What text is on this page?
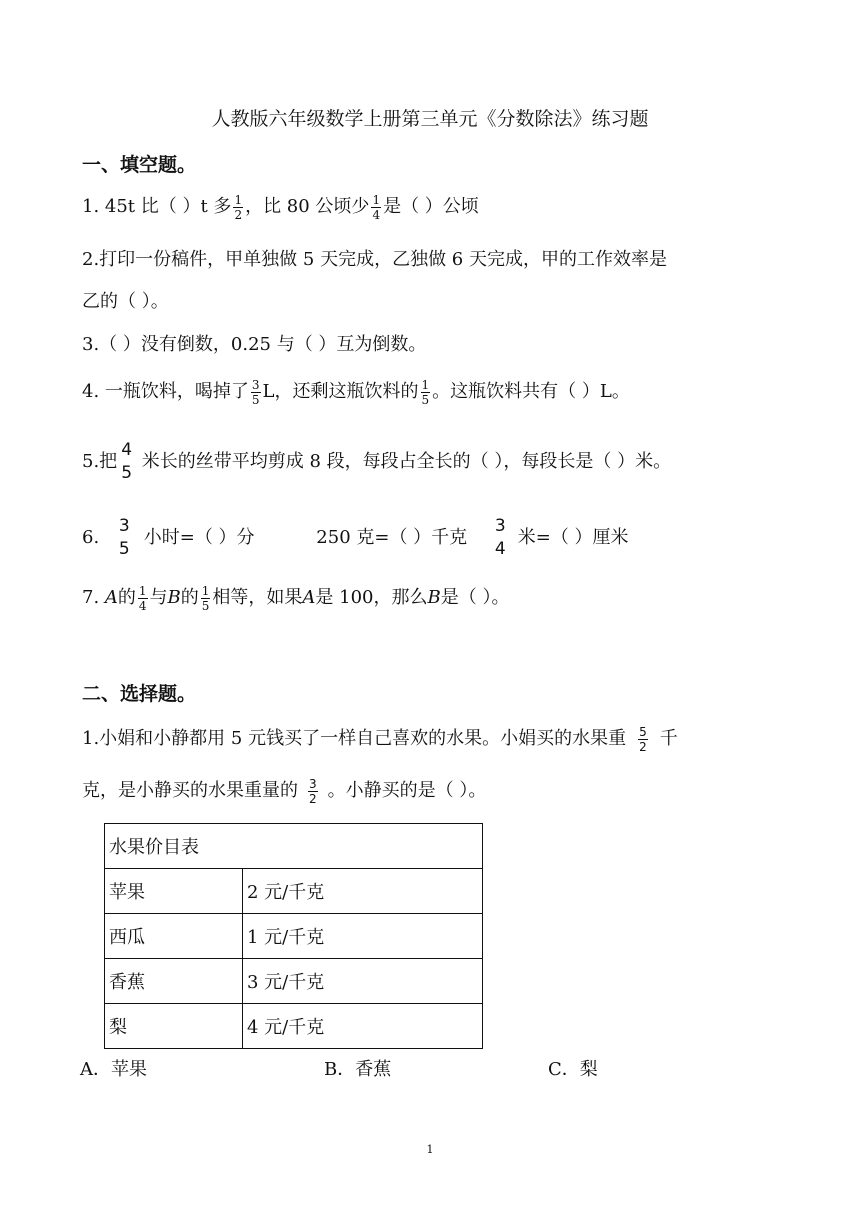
人教版六年级数学上册第三单元《分数除法》练习题
一、填空题。
1. 45t 比（ ）t 多 $\frac{1}{2}$ ，比 80 公顷少 $\frac{1}{4}$ 是（ ）公顷
2.打印一份稿件，甲单独做 5 天完成，乙独做 6 天完成，甲的工作效率是
乙的（ ）。
3.（ ）没有倒数，0.25 与（ ）互为倒数。
4. 一瓶饮料，喝掉了 $\frac{3}{5}$ L，还剩这瓶饮料的 $\frac{1}{5}$ 。这瓶饮料共有（ ）L。
5.把
4
5
米长的丝带平均剪成 8 段，每段占全长的（ ），每段长是（ ）米。
6.
3
5
小时=（ ）分	250 克=（ ）千克
3
4
米=（ ）厘米
7. A的 $\frac{1}{4}$ 与B的 $\frac{1}{5}$ 相等，如果A是 100，那么B是（ ）。
二、选择题。
1.小娟和小静都用 5 元钱买了一样自己喜欢的水果。小娟买的水果重 $\frac{5}{2}$ 千
克，是小静买的水果重量的 $\frac{3}{2}$ 。小静买的是（ ）。
水果价目表	
苹果	2 元/千克
西瓜	1 元/千克
香蕉	3 元/千克
梨	4 元/千克
A．苹果	B．香蕉	C．梨
1
